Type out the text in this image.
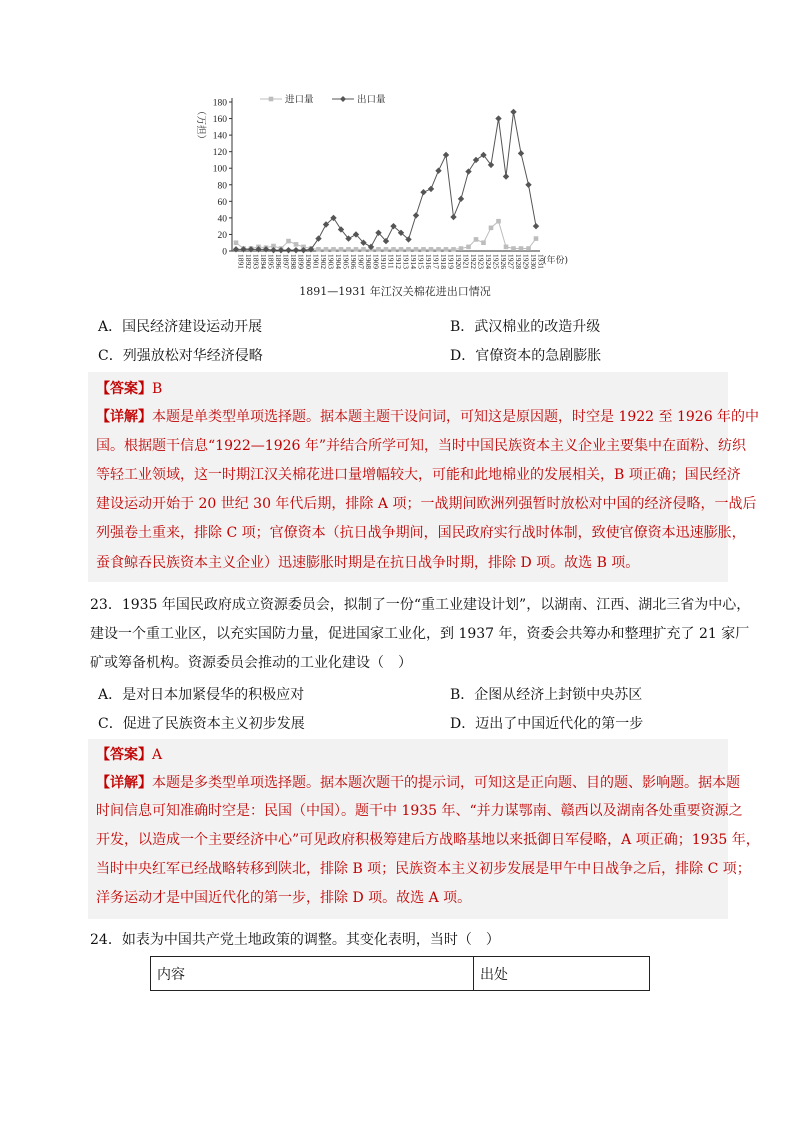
0
20
40
60
80
100
120
140
160
180
（万担）
1891
1892
1893
1894
1895
1896
1897
1898
1899
1900
1901
1902
1903
1904
1905
1906
1907
1908
1909
1910
1911
1912
1913
1914
1915
1916
1917
1918
1919
1920
1921
1922
1923
1924
1925
1926
1927
1928
1929
1930
1931
(年份)
进口量	出口量
1891—1931 年江汉关棉花进出口情况
A．国民经济建设运动开展	B．武汉棉业的改造升级
C．列强放松对华经济侵略	D．官僚资本的急剧膨胀
【答案】B
【详解】本题是单类型单项选择题。据本题主题干设问词，可知这是原因题，时空是 1922 至 1926 年的中
国。根据题干信息“1922—1926 年”并结合所学可知，当时中国民族资本主义企业主要集中在面粉、纺织
等轻工业领域，这一时期江汉关棉花进口量增幅较大，可能和此地棉业的发展相关，B 项正确；国民经济
建设运动开始于 20 世纪 30 年代后期，排除 A 项；一战期间欧洲列强暂时放松对中国的经济侵略，一战后
列强卷土重来，排除 C 项；官僚资本（抗日战争期间，国民政府实行战时体制，致使官僚资本迅速膨胀，
蚕食鲸吞民族资本主义企业）迅速膨胀时期是在抗日战争时期，排除 D 项。故选 B 项。
23．1935 年国民政府成立资源委员会，拟制了一份“重工业建设计划”，以湖南、江西、湖北三省为中心，
建设一个重工业区，以充实国防力量，促进国家工业化，到 1937 年，资委会共筹办和整理扩充了 21 家厂
矿或筹备机构。资源委员会推动的工业化建设（　）
A．是对日本加紧侵华的积极应对	B．企图从经济上封锁中央苏区
C．促进了民族资本主义初步发展	D．迈出了中国近代化的第一步
【答案】A
【详解】本题是多类型单项选择题。据本题次题干的提示词，可知这是正向题、目的题、影响题。据本题
时间信息可知准确时空是：民国（中国）。题干中 1935 年、“并力谋鄂南、赣西以及湖南各处重要资源之
开发，以造成一个主要经济中心”可见政府积极筹建后方战略基地以来抵御日军侵略，A 项正确；1935 年，
当时中央红军已经战略转移到陕北，排除 B 项；民族资本主义初步发展是甲午中日战争之后，排除 C 项；
洋务运动才是中国近代化的第一步，排除 D 项。故选 A 项。
24．如表为中国共产党土地政策的调整。其变化表明，当时（　）
内容	出处
